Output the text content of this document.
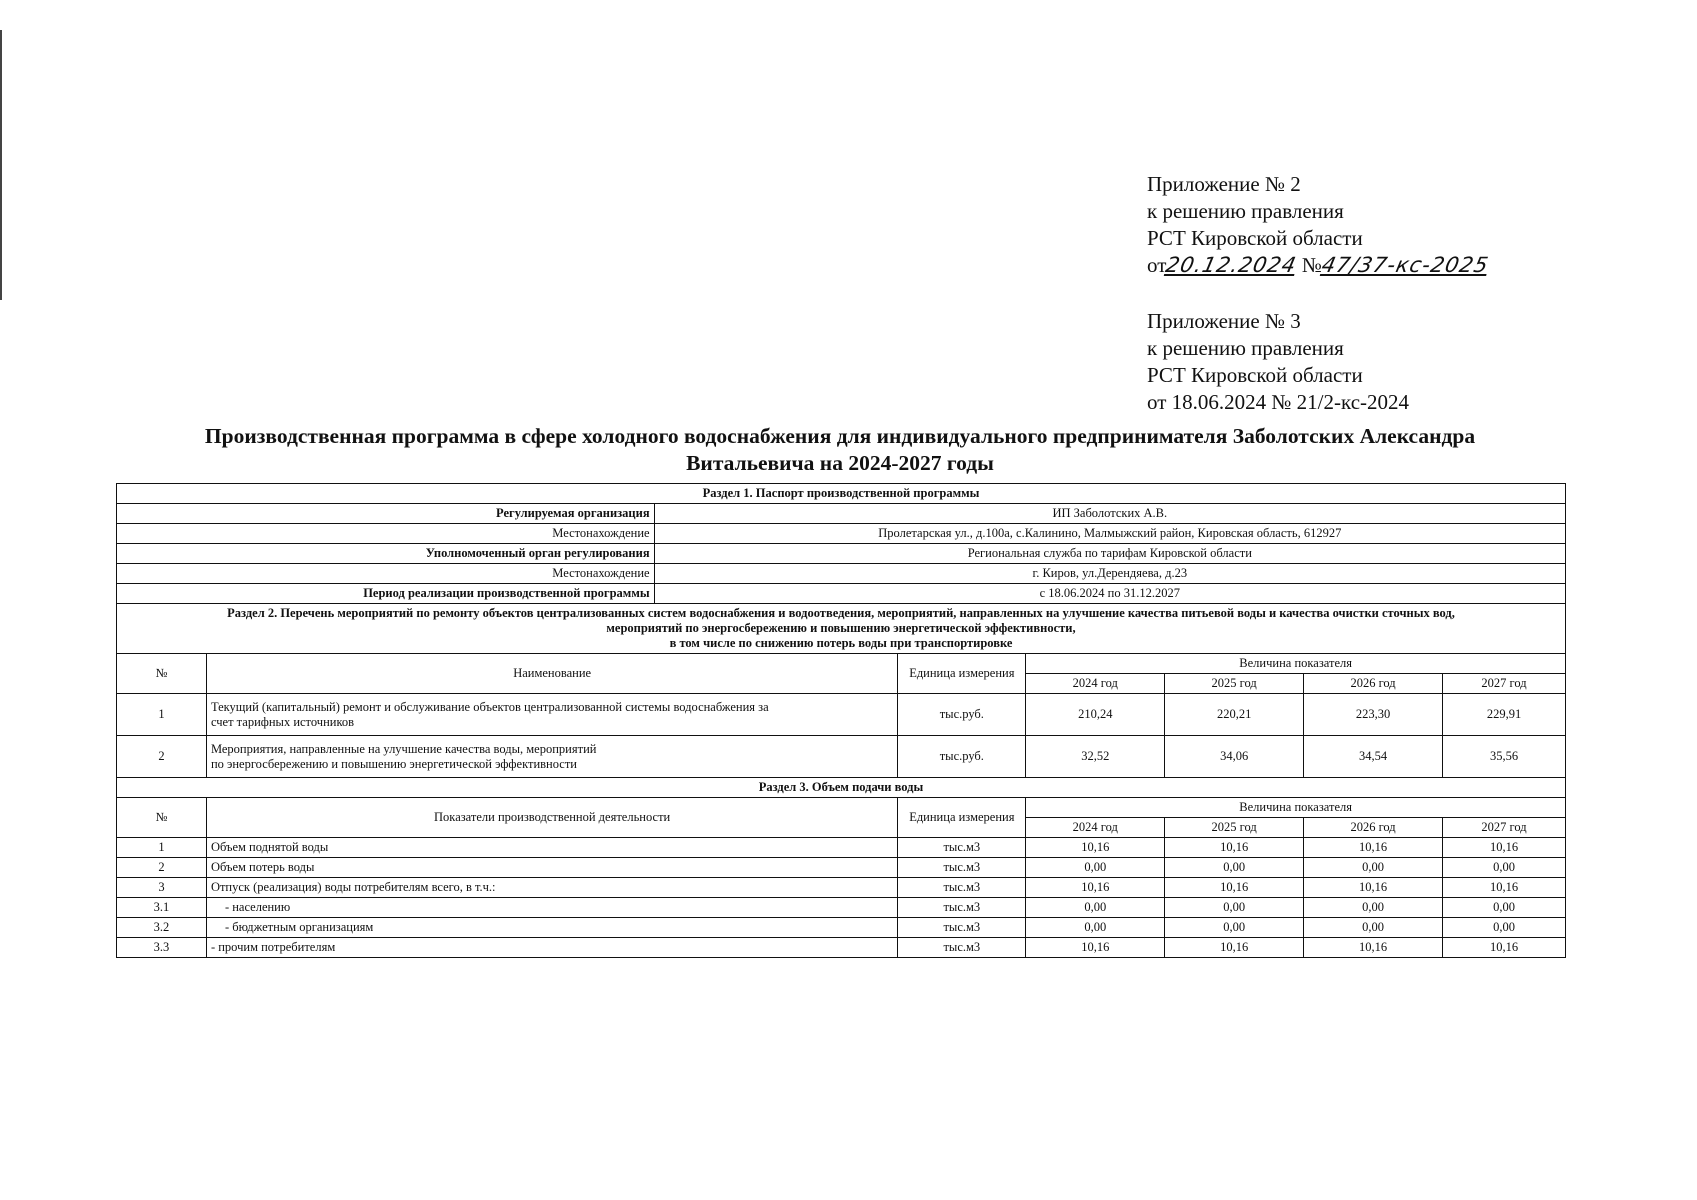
Приложение № 2
к решению правления
РСТ Кировской области
от20.12.2024 №47/37-кс-2025
Приложение № 3
к решению правления
РСТ Кировской области
от 18.06.2024 № 21/2-кс-2024
Производственная программа в сфере холодного водоснабжения для индивидуального предпринимателя Заболотских Александра
Витальевича на 2024-2027 годы
Раздел 1. Паспорт производственной программы							
Регулируемая организация		ИП Заболотских А.В.					
Местонахождение		Пролетарская ул., д.100а, с.Калинино, Малмыжский район, Кировская область, 612927					
Уполномоченный орган регулирования		Региональная служба по тарифам Кировской области					
Местонахождение		г. Киров, ул.Дерендяева, д.23					
Период реализации производственной программы		с 18.06.2024 по 31.12.2027					

Раздел 2. Перечень мероприятий по ремонту объектов централизованных систем водоснабжения и водоотведения, мероприятий, направленных на улучшение качества питьевой воды и качества очистки сточных вод,
мероприятий по энергосбережению и повышению энергетической эффективности,
в том числе по снижению потерь воды при транспортировке							

№	Наименование		Единица измерения	Величина показателя			
				2024 год	2025 год	2026 год	2027 год
1	Текущий (капитальный) ремонт и обслуживание объектов централизованной системы водоснабжения за
счет тарифных источников		тыс.руб.	210,24	220,21	223,30	229,91
2	Мероприятия, направленные на улучшение качества воды, мероприятий
по энергосбережению и повышению энергетической эффективности		тыс.руб.	32,52	34,06	34,54	35,56
Раздел 3. Объем подачи воды							
№	Показатели производственной деятельности		Единица измерения	Величина показателя			
				2024 год	2025 год	2026 год	2027 год
1	Объем поднятой воды		тыс.м3	10,16	10,16	10,16	10,16
2	Объем потерь воды		тыс.м3	0,00	0,00	0,00	0,00
3	Отпуск (реализация) воды потребителям всего, в т.ч.:		тыс.м3	10,16	10,16	10,16	10,16
3.1	- населению		тыс.м3	0,00	0,00	0,00	0,00
3.2	- бюджетным организациям		тыс.м3	0,00	0,00	0,00	0,00
3.3	- прочим потребителям		тыс.м3	10,16	10,16	10,16	10,16
